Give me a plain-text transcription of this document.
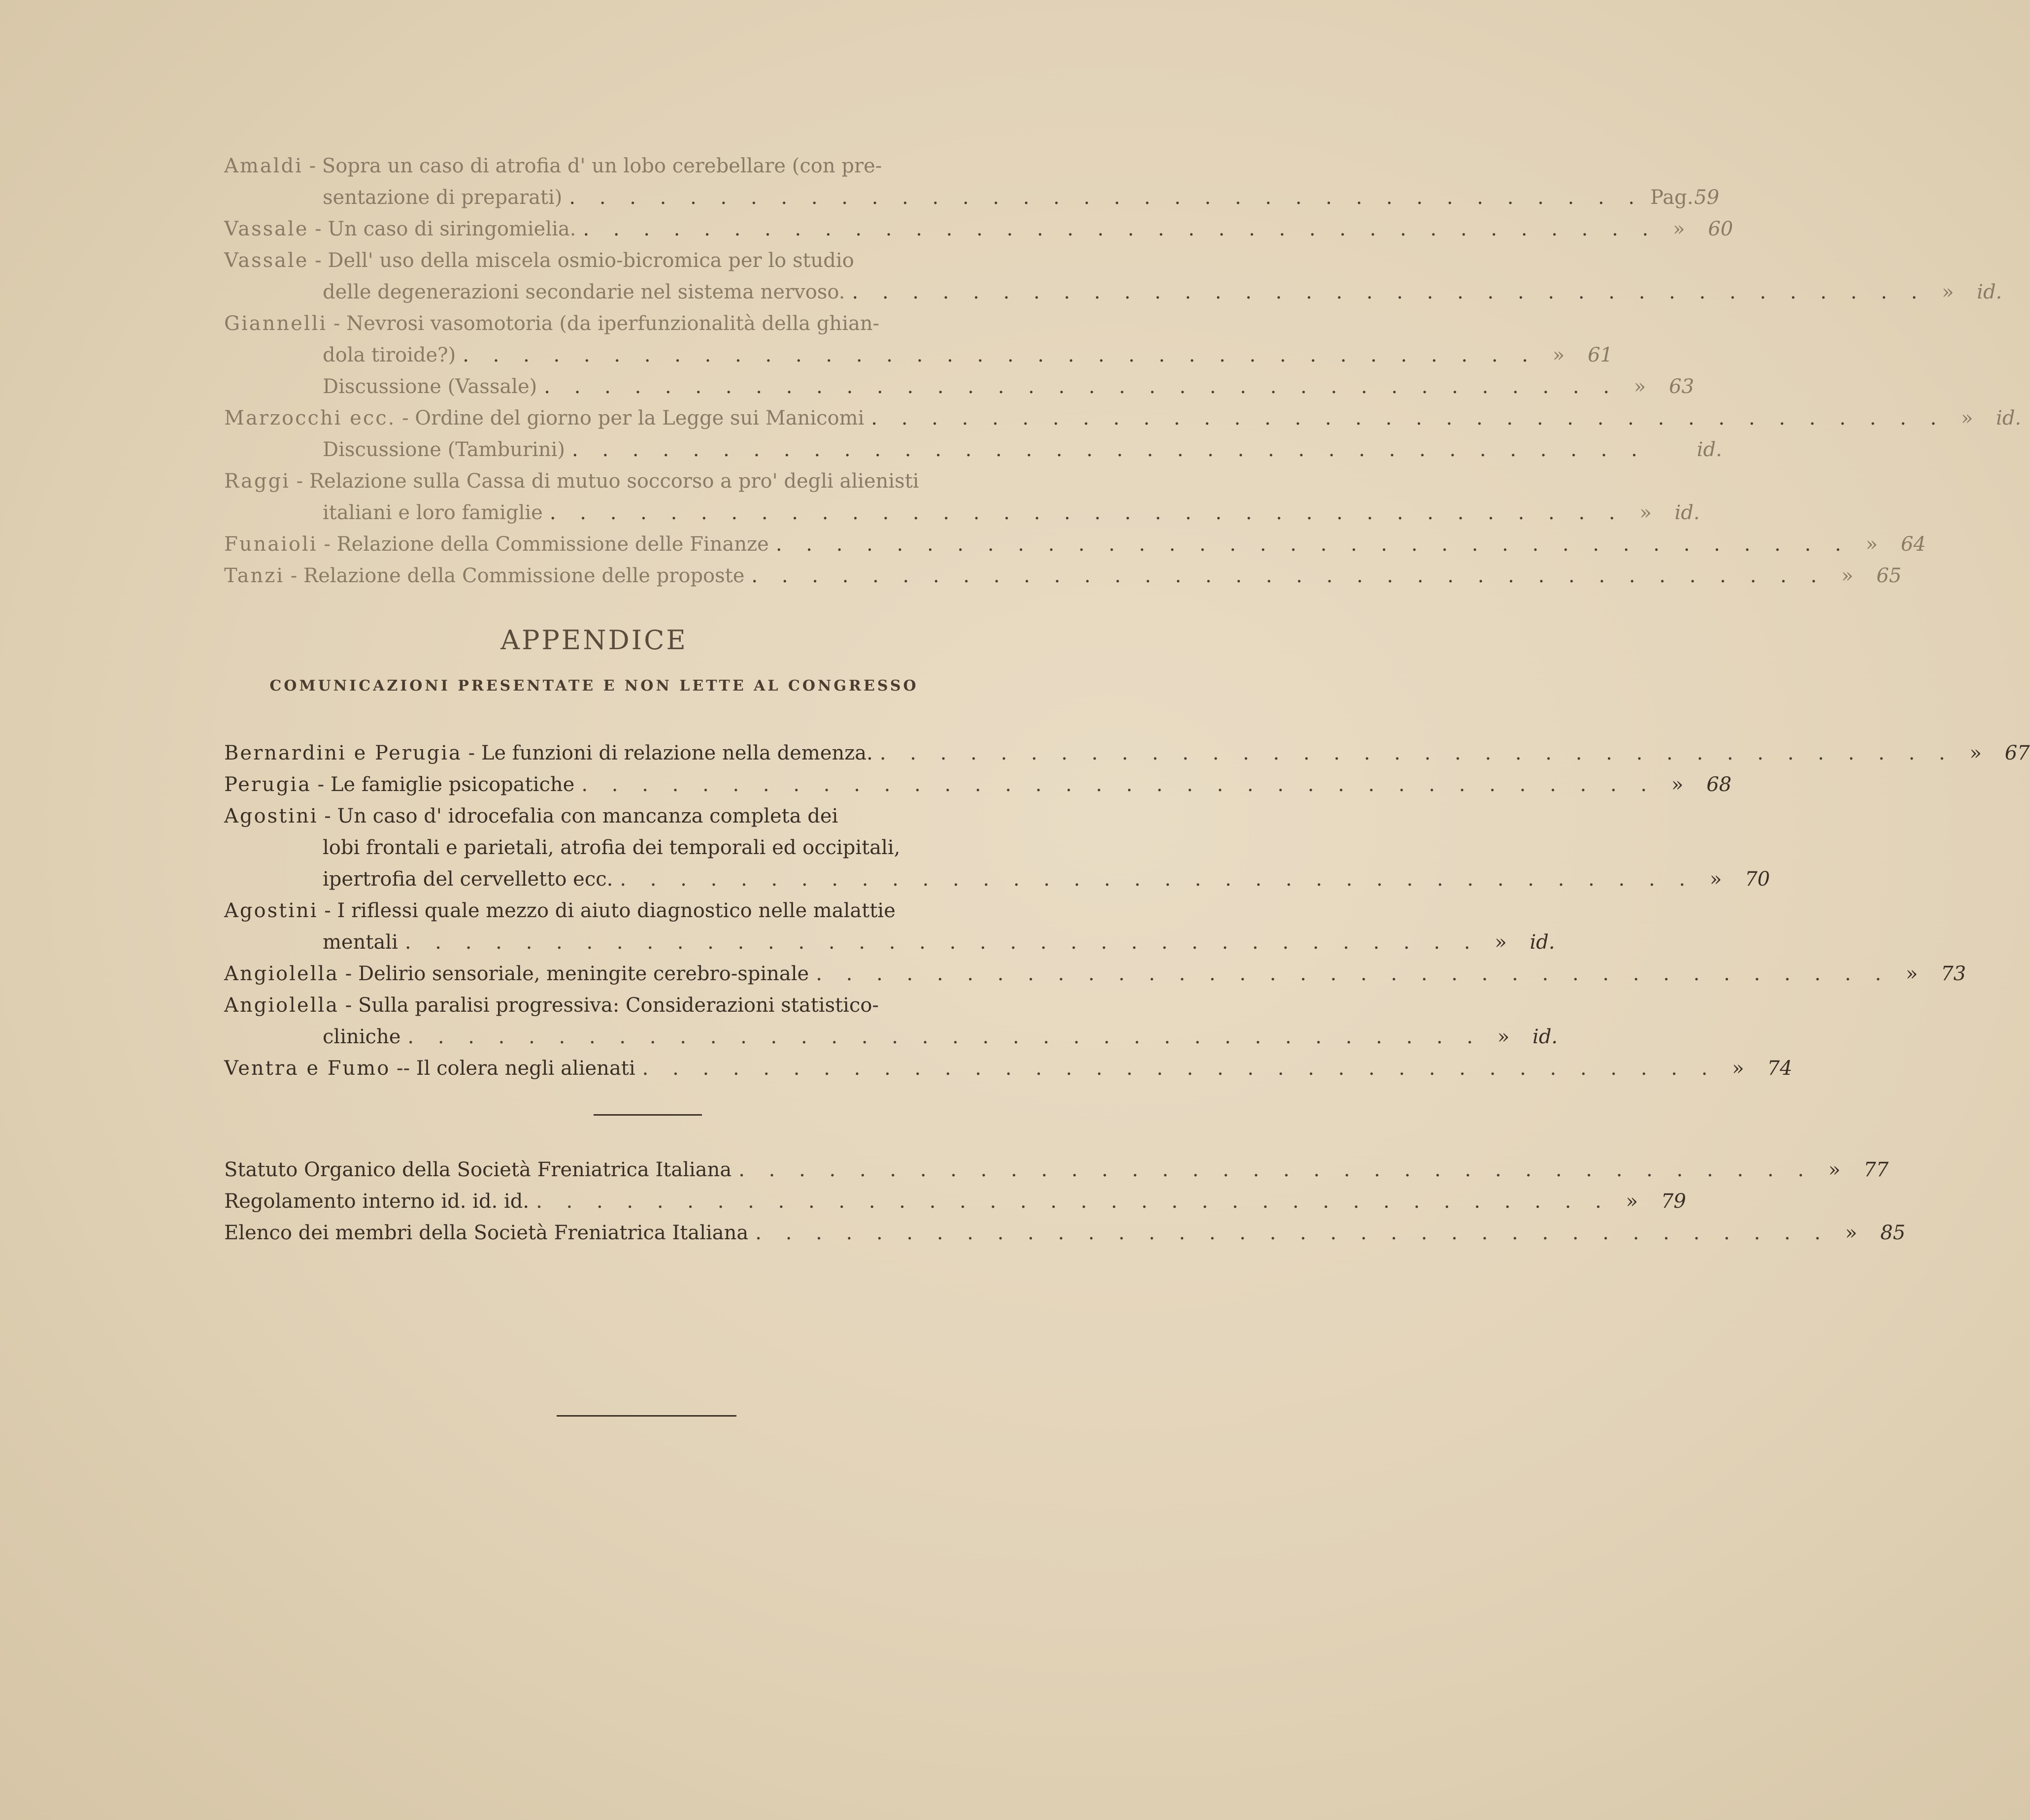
Amaldi - Sopra un caso di atrofia d' un lobo cerebellare (con pre-
sentazione di preparati) . . . . . . . . . . . . . . . . . . . . . . . . . . . . . . . . . . . . Pag. 59
Vassale - Un caso di siringomielia. . . . . . . . . . . . . . . . . . . . . . . . . . . . . . . . . . . . . »	60
Vassale - Dell' uso della miscela osmio-bicromica per lo studio
delle degenerazioni secondarie nel sistema nervoso. . . . . . . . . . . . . . . . . . . . . . . . . . . . . . . . . . . . . »	id.
Giannelli - Nevrosi vasomotoria (da iperfunzionalità della ghian-
dola tiroide?) . . . . . . . . . . . . . . . . . . . . . . . . . . . . . . . . . . . . »	61
Discussione (Vassale) . . . . . . . . . . . . . . . . . . . . . . . . . . . . . . . . . . . . »	63
Marzocchi ecc. - Ordine del giorno per la Legge sui Manicomi . . . . . . . . . . . . . . . . . . . . . . . . . . . . . . . . . . . . »	id.
Discussione (Tamburini) . . . . . . . . . . . . . . . . . . . . . . . . . . . . . . . . . . . .	id.
Raggi - Relazione sulla Cassa di mutuo soccorso a pro' degli alienisti
italiani e loro famiglie . . . . . . . . . . . . . . . . . . . . . . . . . . . . . . . . . . . . »	id.
Funaioli - Relazione della Commissione delle Finanze . . . . . . . . . . . . . . . . . . . . . . . . . . . . . . . . . . . . »	64
Tanzi - Relazione della Commissione delle proposte . . . . . . . . . . . . . . . . . . . . . . . . . . . . . . . . . . . . »	65
APPENDICE
COMUNICAZIONI PRESENTATE E NON LETTE AL CONGRESSO
Bernardini e Perugia - Le funzioni di relazione nella demenza. . . . . . . . . . . . . . . . . . . . . . . . . . . . . . . . . . . . . »	67
Perugia - Le famiglie psicopatiche . . . . . . . . . . . . . . . . . . . . . . . . . . . . . . . . . . . . »	68
Agostini - Un caso d' idrocefalia con mancanza completa dei
lobi frontali e parietali, atrofia dei temporali ed occipitali,
ipertrofia del cervelletto ecc. . . . . . . . . . . . . . . . . . . . . . . . . . . . . . . . . . . . . »	70
Agostini - I riflessi quale mezzo di aiuto diagnostico nelle malattie
mentali . . . . . . . . . . . . . . . . . . . . . . . . . . . . . . . . . . . . »	id.
Angiolella - Delirio sensoriale, meningite cerebro-spinale . . . . . . . . . . . . . . . . . . . . . . . . . . . . . . . . . . . . »	73
Angiolella - Sulla paralisi progressiva: Considerazioni statistico-
cliniche . . . . . . . . . . . . . . . . . . . . . . . . . . . . . . . . . . . . »	id.
Ventra e Fumo -- Il colera negli alienati . . . . . . . . . . . . . . . . . . . . . . . . . . . . . . . . . . . . »	74
Statuto Organico della Società Freniatrica Italiana . . . . . . . . . . . . . . . . . . . . . . . . . . . . . . . . . . . . »	77
Regolamento interno id. id. id. . . . . . . . . . . . . . . . . . . . . . . . . . . . . . . . . . . . . »	79
Elenco dei membri della Società Freniatrica Italiana . . . . . . . . . . . . . . . . . . . . . . . . . . . . . . . . . . . . »	85
